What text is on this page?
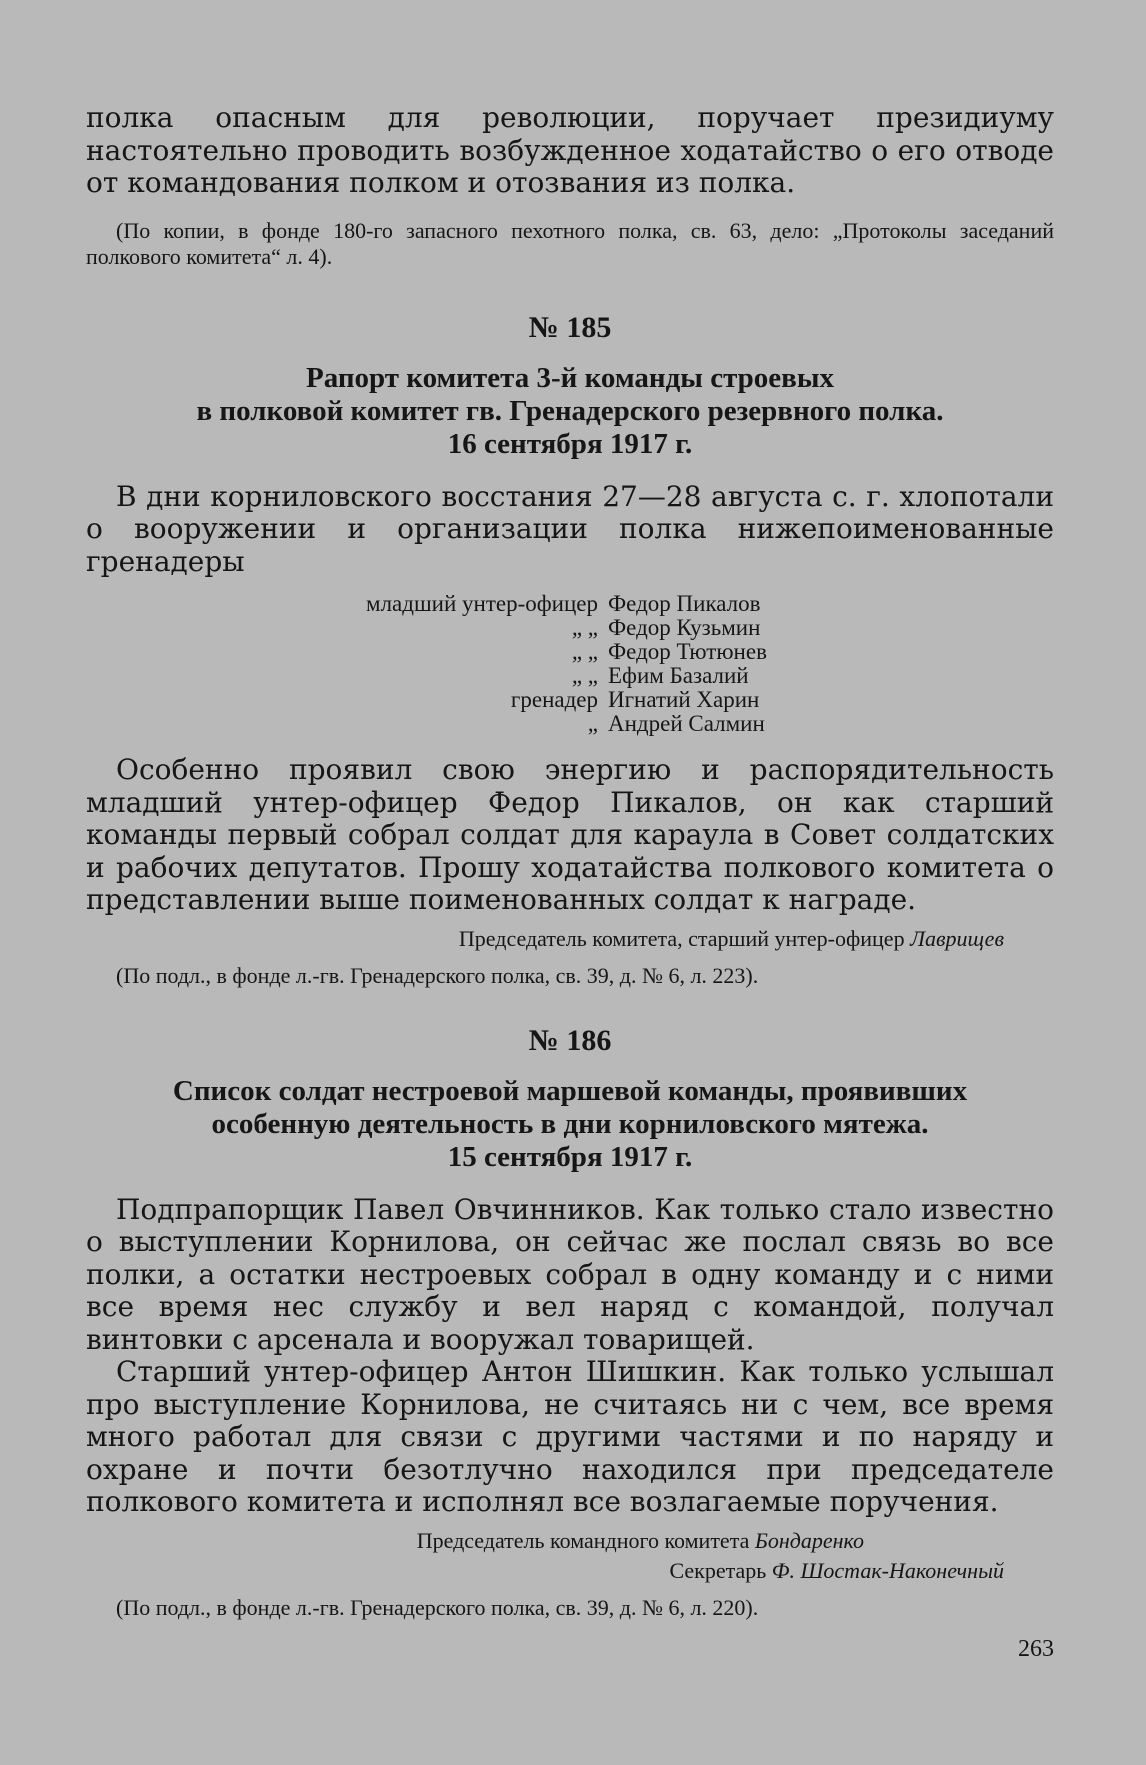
полка опасным для революции, поручает президиуму настоятельно проводить возбужденное ходатайство о его отводе от командования полком и отозвания из полка.

(По копии, в фонде 180-го запасного пехотного полка, св. 63, дело: „Протоколы заседаний полкового комитета“ л. 4).

№ 185

Рапорт комитета 3-й команды строевых
в полковой комитет гв. Гренадерского резервного полка.
16 сентября 1917 г.

В дни корниловского восстания 27—28 августа с. г. хлопотали о вооружении и организации полка нижепоименованные гренадеры

младший унтер-офицер Федор Пикалов
„ „ Федор Кузьмин
„ „ Федор Тютюнев
„ „ Ефим Базалий
гренадер Игнатий Харин
„ Андрей Салмин

Особенно проявил свою энергию и распорядительность младший унтер-офицер Федор Пикалов, он как старший команды первый собрал солдат для караула в Совет солдатских и рабочих депутатов. Прошу ходатайства полкового комитета о представлении выше поименованных солдат к награде.

Председатель комитета, старший унтер-офицер Лаврищев

(По подл., в фонде л.-гв. Гренадерского полка, св. 39, д. № 6, л. 223).

№ 186

Список солдат нестроевой маршевой команды, проявивших
особенную деятельность в дни корниловского мятежа.
15 сентября 1917 г.

Подпрапорщик Павел Овчинников. Как только стало известно о выступлении Корнилова, он сейчас же послал связь во все полки, а остатки нестроевых собрал в одну команду и с ними все время нес службу и вел наряд с командой, получал винтовки с арсенала и вооружал товарищей.

Старший унтер-офицер Антон Шишкин. Как только услышал про выступление Корнилова, не считаясь ни с чем, все время много работал для связи с другими частями и по наряду и охране и почти безотлучно находился при председателе полкового комитета и исполнял все возлагаемые поручения.

Председатель командного комитета Бондаренко
Секретарь Ф. Шостак-Наконечный

(По подл., в фонде л.-гв. Гренадерского полка, св. 39, д. № 6, л. 220).

263
